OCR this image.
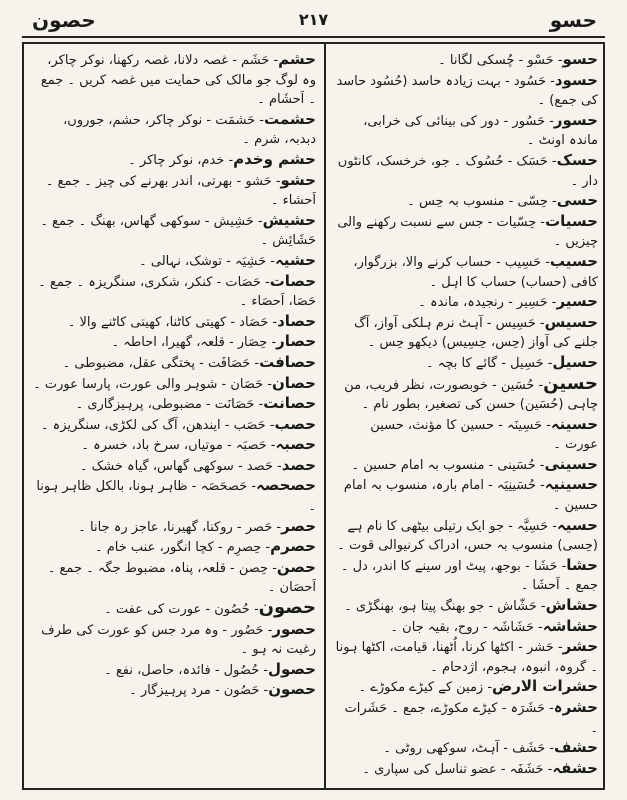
حسو
٢١٧
حصون

حشم- حَشَم - غصہ دلانا، غصہ رکھنا، نوکر چاکر، وہ لوگ جو مالک کی حمایت میں غصہ کریں ۔ جمع ۔ اَحشَام ۔

حشمت- حَشمَت - نوکر چاکر، حشم، جوروں، دبدبہ، شرم ۔

حشم وخدم- خدم، نوکر چاکر ۔

حشو- حَشو - بھرتی، اندر بھرنے کی چیز ۔ جمع ۔ اَحشاء ۔

حشیش- حَشِیش - سوکھی گھاس، بھنگ ۔ جمع ۔ حَشَائِش ۔

حشیہ- حَشِیَہ - توشک، نہالی ۔

حصات- حَصَات - کنکر، شکری، سنگریزہ ۔ جمع ۔ حَصَا، اَحصَاء ۔

حصاد- حَصَاد - کھیتی کاٹنا، کھیتی کاٹنے والا ۔

حصار- حِصَار - قلعہ، گھیرا، احاطہ ۔

حصافت- حَصَافَت - پختگی عقل، مضبوطی ۔

حصان- حَصَان - شوہر والی عورت، پارسا عورت ۔

حصانت- حَصَانَت - مضبوطی، پرہیزگاری ۔

حصب- حَصَب - ایندھن، آگ کی لکڑی، سنگریزہ ۔

حصبہ- حَصبَہ - موتیاں، سرخ باد، خسرہ ۔

حصد- حَصد - سوکھی گھاس، گیاہ خشک ۔

حصحصہ- حَصحَصَہ - ظاہر ہونا، بالکل ظاہر ہونا ۔

حصر- حَصر - روکنا، گھیرنا، عاجز رہ جانا ۔

حصرم- حِصرِم - کچا انگور، عنب خام ۔

حصن- حِصن - قلعہ، پناہ، مضبوط جگہ ۔ جمع ۔ اَحصَان ۔

حصون- حُصُون - عورت کی عفت ۔

حصور- حَصُور - وہ مرد جس کو عورت کی طرف رغبت نہ ہو ۔

حصول- حُصُول - فائدہ، حاصل، نفع ۔

حصون- حَصُون - مرد پرہیزگار ۔

حسو- حَسْو - چُسکی لگانا ۔

حسود- حَسُود - بہت زیادہ حاسد (حُسُود حاسد کی جمع) ۔

حسور- حَسُور - دور کی بینائی کی خرابی، ماندہ اونٹ ۔

حسک- حَسَک - حُسُوک ۔ جو، خرخسک، کانٹوں دار ۔

حسی- حِسّی - منسوب بہ حِس ۔

حسیات- حِسّیات - جس سے نسبت رکھنے والی چیزیں ۔

حسیب- حَسِیب - حساب کرنے والا، بزرگوار، کافی (حساب) حساب کا اہل ۔

حسیر- حَسِیر - رنجیدہ، ماندہ ۔

حسیس- حَسِیس - آہٹ نرم ہلکی آواز، آگ جلنے کی آواز (حِس، حِسِیس) دیکھو حِس ۔

حسیل- حَسِیل - گائے کا بچہ ۔

حسین- حُسَین - خوبصورت، نظر فریب، من چاہی (حُسَین) حسن کی تصغیر، بطور نام ۔

حسینہ- حَسِینَہ - حسین کا مؤنث، حسین عورت ۔

حسینی- حُسَینی - منسوب بہ امام حسین ۔

حسینیہ- حُسَینِیَہ - امام بارہ، منسوب بہ امام حسین ۔

حسیہ- حَسِیَّہ - جو ایک رتیلی بیٹھی کا نام ہے (حِسی) منسوب بہ حس، ادراک کرنیوالی قوت ۔

حشا- حَشَا - بوجھ، پیٹ اور سینے کا اندر، دل ۔ جمع ۔ اَحشَا ۔

حشاش- حَشّاش - جو بھنگ پیتا ہو، بھنگڑی ۔

حشاشہ- حَشَاشَہ - روح، بقیہ جان ۔

حشر- حَشر - اکٹھا کرنا، اُٹھنا، قیامت، اکٹھا ہونا ۔ گروہ، انبوہ، ہجوم، اژدحام ۔

حشرات الارض- زمین کے کیڑے مکوڑے ۔

حشرہ- حَشَرَہ - کیڑے مکوڑے، جمع ۔ حَشَرات ۔

حشف- حَشَف - آہٹ، سوکھی روٹی ۔

حشفہ- حَشَفَہ - عضو تناسل کی سپاری ۔
